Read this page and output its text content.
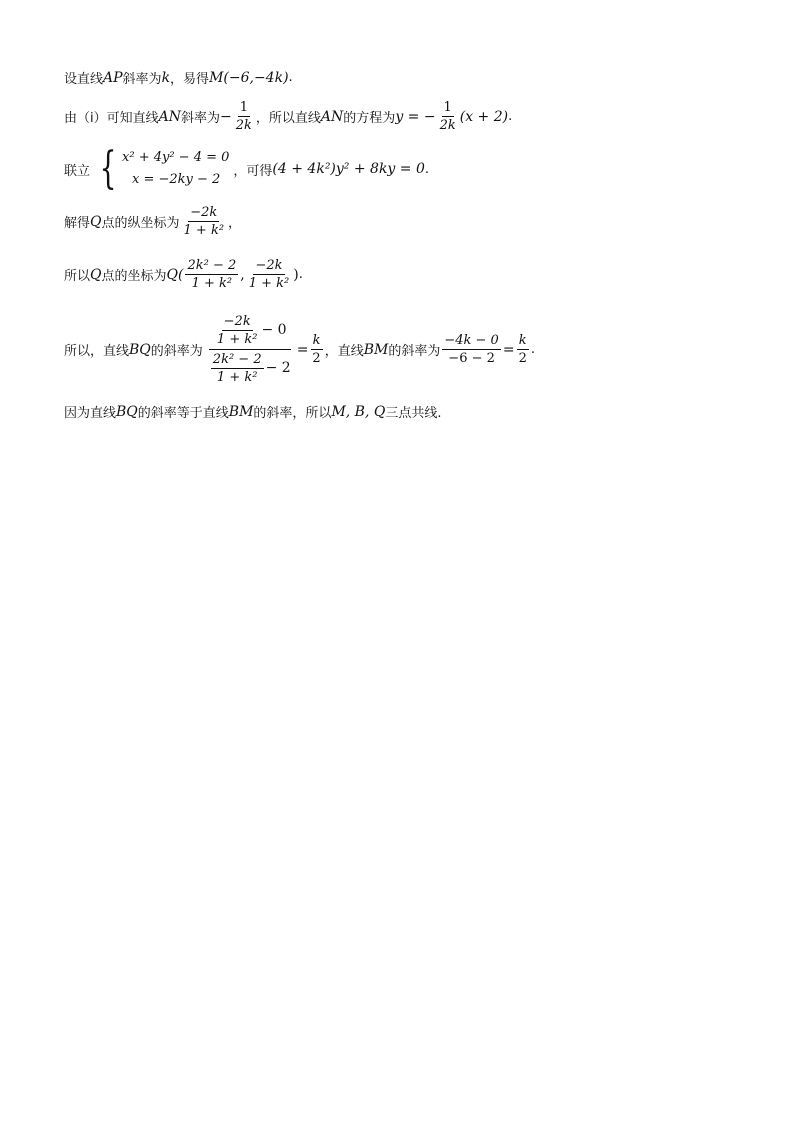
设直线 AP 斜率为 k ，易得 M(−6,−4k) .
由（ⅰ）可知直线 AN 斜率为 − $\frac{1}{2k}$ ，所以直线 AN 的方程为 y = − $\frac{1}{2k} (x + 2)$ .
联立 { x² + 4y² − 4 = 0
x = −2ky − 2
，可得 (4 + 4k²)y² + 8ky = 0 .
解得 Q 点的纵坐标为 $\frac{-2k}{\text{1 + k²}}$ ，
所以 Q 点的坐标为 $Q( \frac{\text{2k² − 2}}{\text{1 + k²}}$ , $\frac{-2k}{\text{1 + k²}}$ ) .
所以，直线 BQ 的斜率为 $\frac{\frac{-2k}{\text{1 + k²}} - 0}{\frac{\text{2k² − 2}}{\text{1 + k²}} - 2} = \frac{k}{2}$ ，直线 BM 的斜率为 $\frac{-4k - 0}{-6 - 2} = \frac{k}{2}$ .
因为直线 BQ 的斜率等于直线 BM 的斜率，所以 M, B, Q 三点共线.
